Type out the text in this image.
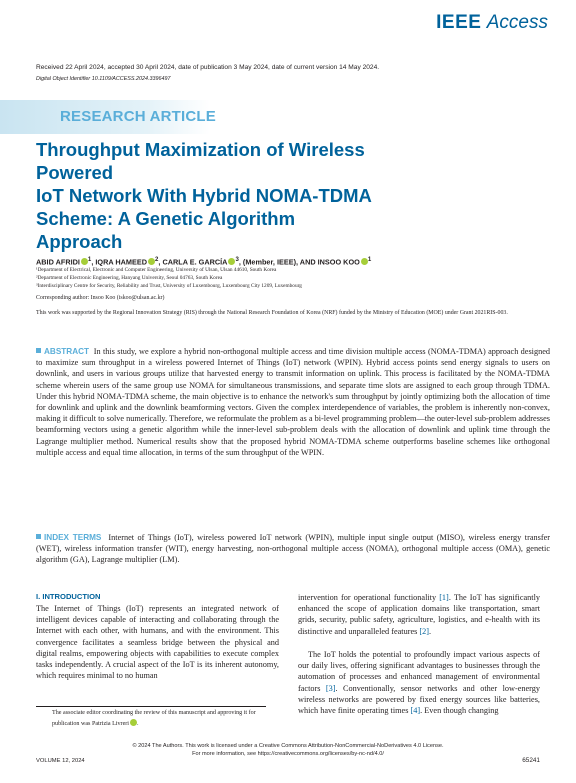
IEEE Access
Received 22 April 2024, accepted 30 April 2024, date of publication 3 May 2024, date of current version 14 May 2024.
Digital Object Identifier 10.1109/ACCESS.2024.3396497
RESEARCH ARTICLE
Throughput Maximization of Wireless Powered
IoT Network With Hybrid NOMA-TDMA
Scheme: A Genetic Algorithm
Approach
ABID AFRIDI $^1$, IQRA HAMEED $^2$, CARLA E. GARCÍA $^3$, (Member, IEEE), AND INSOO KOO $^1$
¹Department of Electrical, Electronic and Computer Engineering, University of Ulsan, Ulsan 44610, South Korea
²Department of Electronic Engineering, Hanyang University, Seoul 04763, South Korea
³Interdisciplinary Centre for Security, Reliability and Trust, University of Luxembourg, Luxembourg City 1209, Luxembourg
Corresponding author: Insoo Koo (iskoo@ulsan.ac.kr)
This work was supported by the Regional Innovation Strategy (RIS) through the National Research Foundation of Korea (NRF) funded by the Ministry of Education (MOE) under Grant 2021RIS-003.
ABSTRACT In this study, we explore a hybrid non-orthogonal multiple access and time division multiple access (NOMA-TDMA) approach designed to maximize sum throughput in a wireless powered Internet of Things (IoT) network (WPIN). Hybrid access points send energy signals to users on downlink, and users in various groups utilize that harvested energy to transmit information on uplink. This process is facilitated by the NOMA-TDMA scheme wherein users of the same group use NOMA for simultaneous transmissions, and separate time slots are assigned to each group through TDMA. Under this hybrid NOMA-TDMA scheme, the main objective is to enhance the network's sum throughput by jointly optimizing both the allocation of time for downlink and uplink and the downlink beamforming vectors. Given the complex interdependence of variables, the problem is inherently non-convex, making it difficult to solve numerically. Therefore, we reformulate the problem as a bi-level programming problem—the outer-level sub-problem addresses beamforming vectors using a genetic algorithm while the inner-level sub-problem deals with the allocation of downlink and uplink time through the Lagrange multiplier method. Numerical results show that the proposed hybrid NOMA-TDMA scheme outperforms baseline schemes like orthogonal multiple access and equal time allocation, in terms of the sum throughput of the WPIN.
INDEX TERMS Internet of Things (IoT), wireless powered IoT network (WPIN), multiple input single output (MISO), wireless energy transfer (WET), wireless information transfer (WIT), energy harvesting, non-orthogonal multiple access (NOMA), orthogonal multiple access (OMA), genetic algorithm (GA), Lagrange multiplier (LM).
I. INTRODUCTION
The Internet of Things (IoT) represents an integrated network of intelligent devices capable of interacting and collaborating through the Internet with each other, with humans, and with the environment. This convergence facilitates a seamless bridge between the physical and digital realms, empowering objects with capabilities to execute complex tasks independently. A crucial aspect of the IoT is its inherent autonomy, which requires minimal to no human
intervention for operational functionality [1]. The IoT has significantly enhanced the scope of application domains like transportation, smart grids, security, public safety, agriculture, logistics, and e-health with its distinctive and unparalleled features [2].
The IoT holds the potential to profoundly impact various aspects of our daily lives, offering significant advantages to businesses through the automation of processes and enhanced management of environmental factors [3]. Conventionally, sensor networks and other low-energy wireless networks are powered by fixed energy sources like batteries, which have finite operating times [4]. Even though changing
The associate editor coordinating the review of this manuscript and approving it for publication was Patrizia Livreri .
© 2024 The Authors. This work is licensed under a Creative Commons Attribution-NonCommercial-NoDerivatives 4.0 License.
For more information, see https://creativecommons.org/licenses/by-nc-nd/4.0/
VOLUME 12, 2024	65241
